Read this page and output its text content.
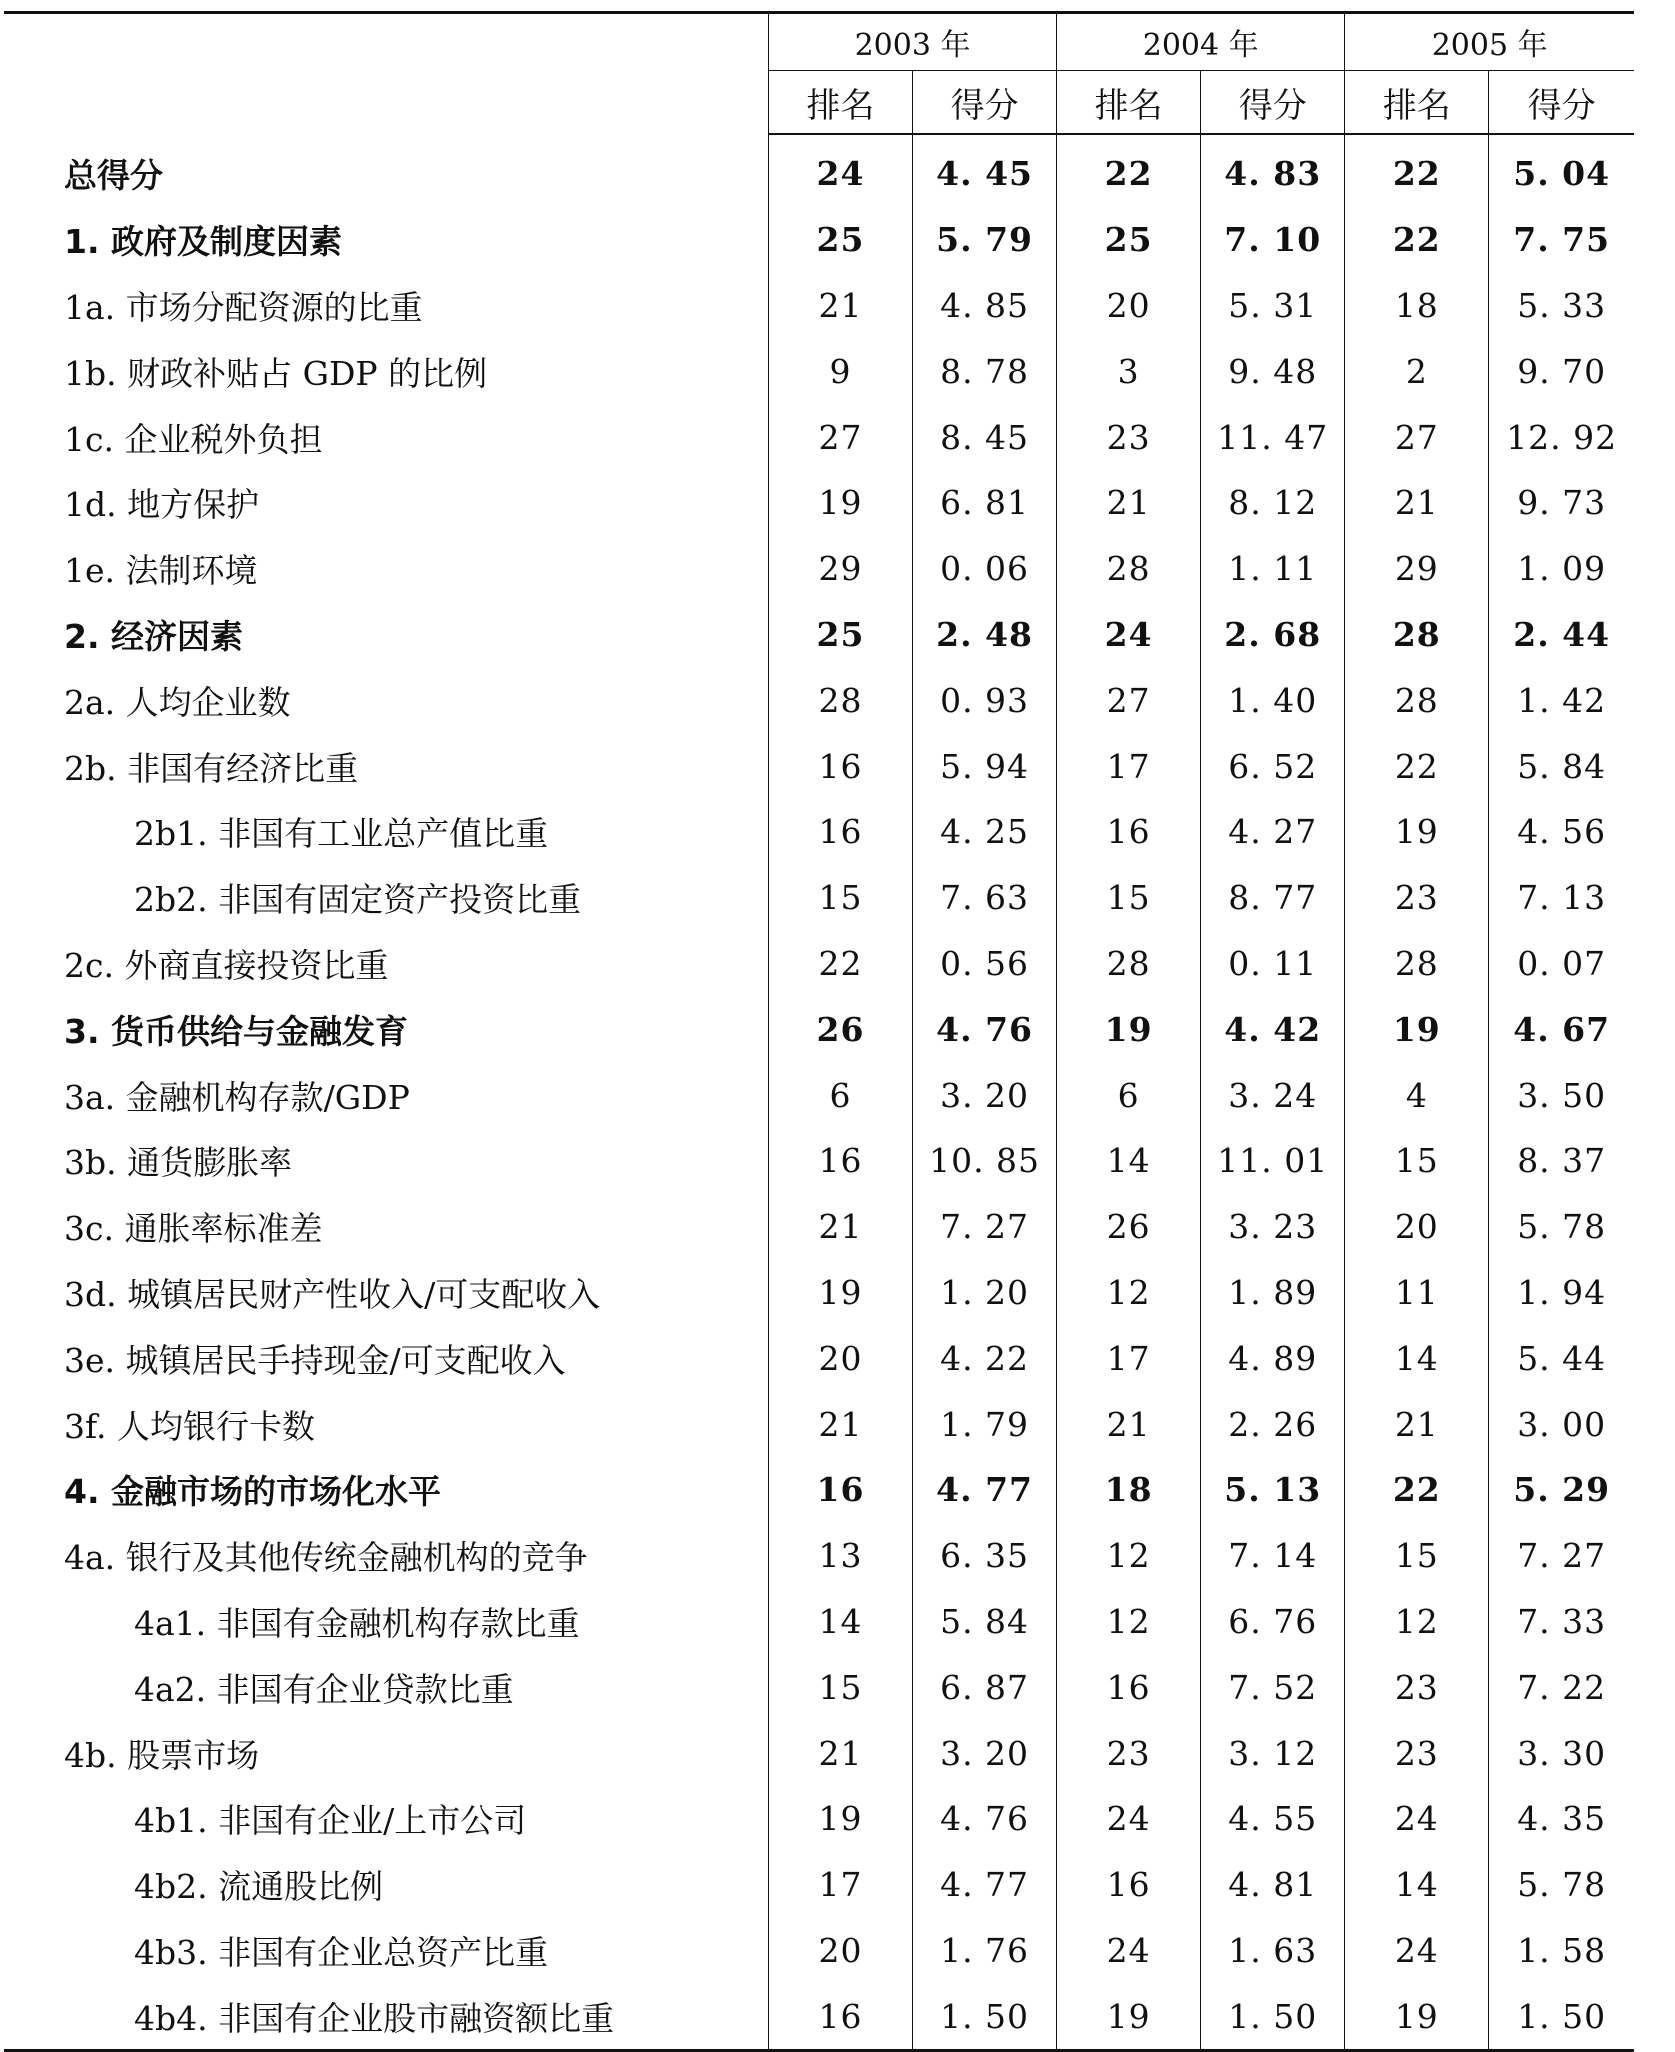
	2003 年		2004 年		2005 年	
	排名	得分	排名	得分	排名	得分
总得分	24	4. 45	22	4. 83	22	5. 04
1. 政府及制度因素	25	5. 79	25	7. 10	22	7. 75
1a. 市场分配资源的比重	21	4. 85	20	5. 31	18	5. 33
1b. 财政补贴占 GDP 的比例	9	8. 78	3	9. 48	2	9. 70
1c. 企业税外负担	27	8. 45	23	11. 47	27	12. 92
1d. 地方保护	19	6. 81	21	8. 12	21	9. 73
1e. 法制环境	29	0. 06	28	1. 11	29	1. 09
2. 经济因素	25	2. 48	24	2. 68	28	2. 44
2a. 人均企业数	28	0. 93	27	1. 40	28	1. 42
2b. 非国有经济比重	16	5. 94	17	6. 52	22	5. 84
2b1. 非国有工业总产值比重	16	4. 25	16	4. 27	19	4. 56
2b2. 非国有固定资产投资比重	15	7. 63	15	8. 77	23	7. 13
2c. 外商直接投资比重	22	0. 56	28	0. 11	28	0. 07
3. 货币供给与金融发育	26	4. 76	19	4. 42	19	4. 67
3a. 金融机构存款/GDP	6	3. 20	6	3. 24	4	3. 50
3b. 通货膨胀率	16	10. 85	14	11. 01	15	8. 37
3c. 通胀率标准差	21	7. 27	26	3. 23	20	5. 78
3d. 城镇居民财产性收入/可支配收入	19	1. 20	12	1. 89	11	1. 94
3e. 城镇居民手持现金/可支配收入	20	4. 22	17	4. 89	14	5. 44
3f. 人均银行卡数	21	1. 79	21	2. 26	21	3. 00
4. 金融市场的市场化水平	16	4. 77	18	5. 13	22	5. 29
4a. 银行及其他传统金融机构的竞争	13	6. 35	12	7. 14	15	7. 27
4a1. 非国有金融机构存款比重	14	5. 84	12	6. 76	12	7. 33
4a2. 非国有企业贷款比重	15	6. 87	16	7. 52	23	7. 22
4b. 股票市场	21	3. 20	23	3. 12	23	3. 30
4b1. 非国有企业/上市公司	19	4. 76	24	4. 55	24	4. 35
4b2. 流通股比例	17	4. 77	16	4. 81	14	5. 78
4b3. 非国有企业总资产比重	20	1. 76	24	1. 63	24	1. 58
4b4. 非国有企业股市融资额比重	16	1. 50	19	1. 50	19	1. 50
